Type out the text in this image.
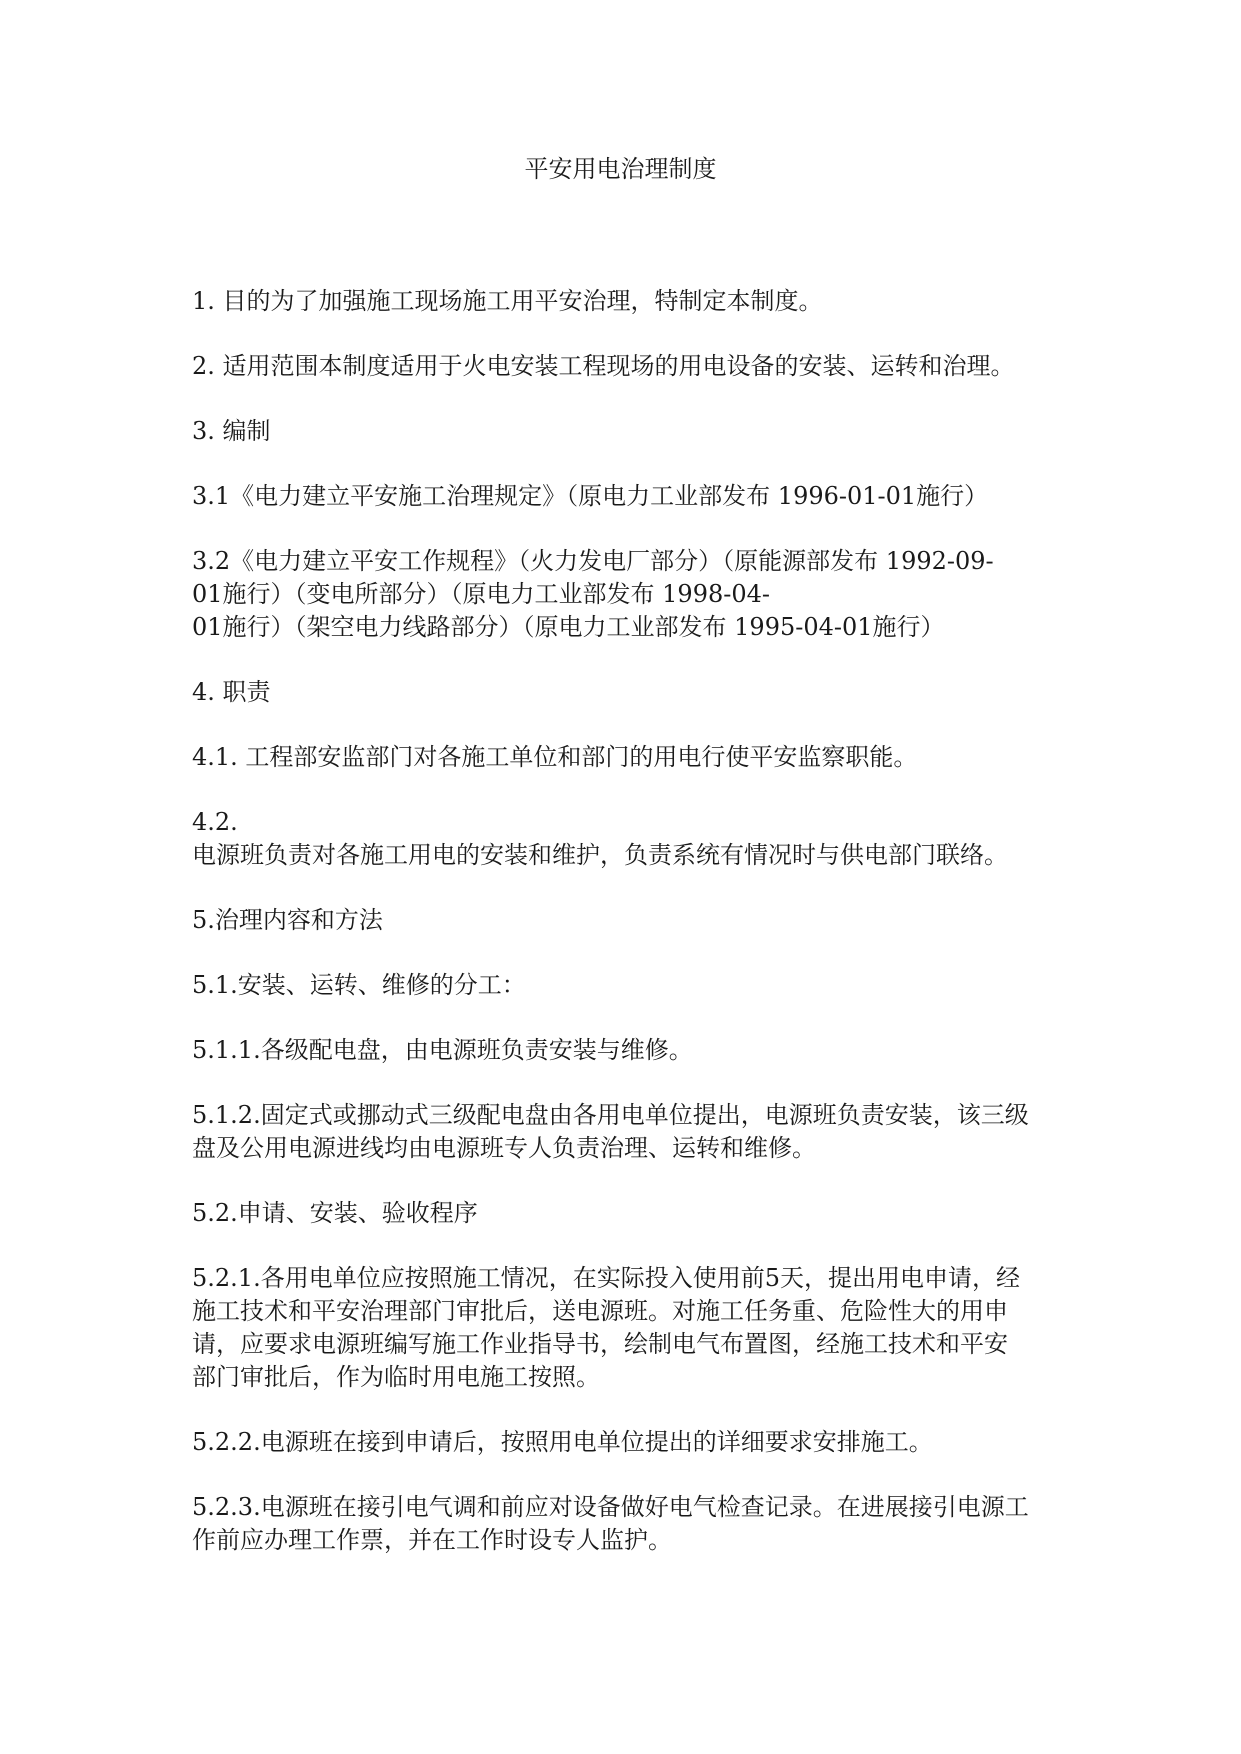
平安用电治理制度

1. 目的为了加强施工现场施工用平安治理，特制定本制度。

2. 适用范围本制度适用于火电安装工程现场的用电设备的安装、运转和治理。

3. 编制

3.1《电力建立平安施工治理规定》（原电力工业部发布 1996-01-01施行）

3.2《电力建立平安工作规程》（火力发电厂部分）（原能源部发布 1992-09-
01施行）（变电所部分）（原电力工业部发布 1998-04-
01施行）（架空电力线路部分）（原电力工业部发布 1995-04-01施行）

4. 职责

4.1. 工程部安监部门对各施工单位和部门的用电行使平安监察职能。

4.2.
电源班负责对各施工用电的安装和维护，负责系统有情况时与供电部门联络。

5.治理内容和方法

5.1.安装、运转、维修的分工：

5.1.1.各级配电盘，由电源班负责安装与维修。

5.1.2.固定式或挪动式三级配电盘由各用电单位提出，电源班负责安装，该三级
盘及公用电源进线均由电源班专人负责治理、运转和维修。

5.2.申请、安装、验收程序

5.2.1.各用电单位应按照施工情况，在实际投入使用前5天，提出用电申请，经
施工技术和平安治理部门审批后，送电源班。对施工任务重、危险性大的用申
请，应要求电源班编写施工作业指导书，绘制电气布置图，经施工技术和平安
部门审批后，作为临时用电施工按照。

5.2.2.电源班在接到申请后，按照用电单位提出的详细要求安排施工。

5.2.3.电源班在接引电气调和前应对设备做好电气检查记录。在进展接引电源工
作前应办理工作票，并在工作时设专人监护。
